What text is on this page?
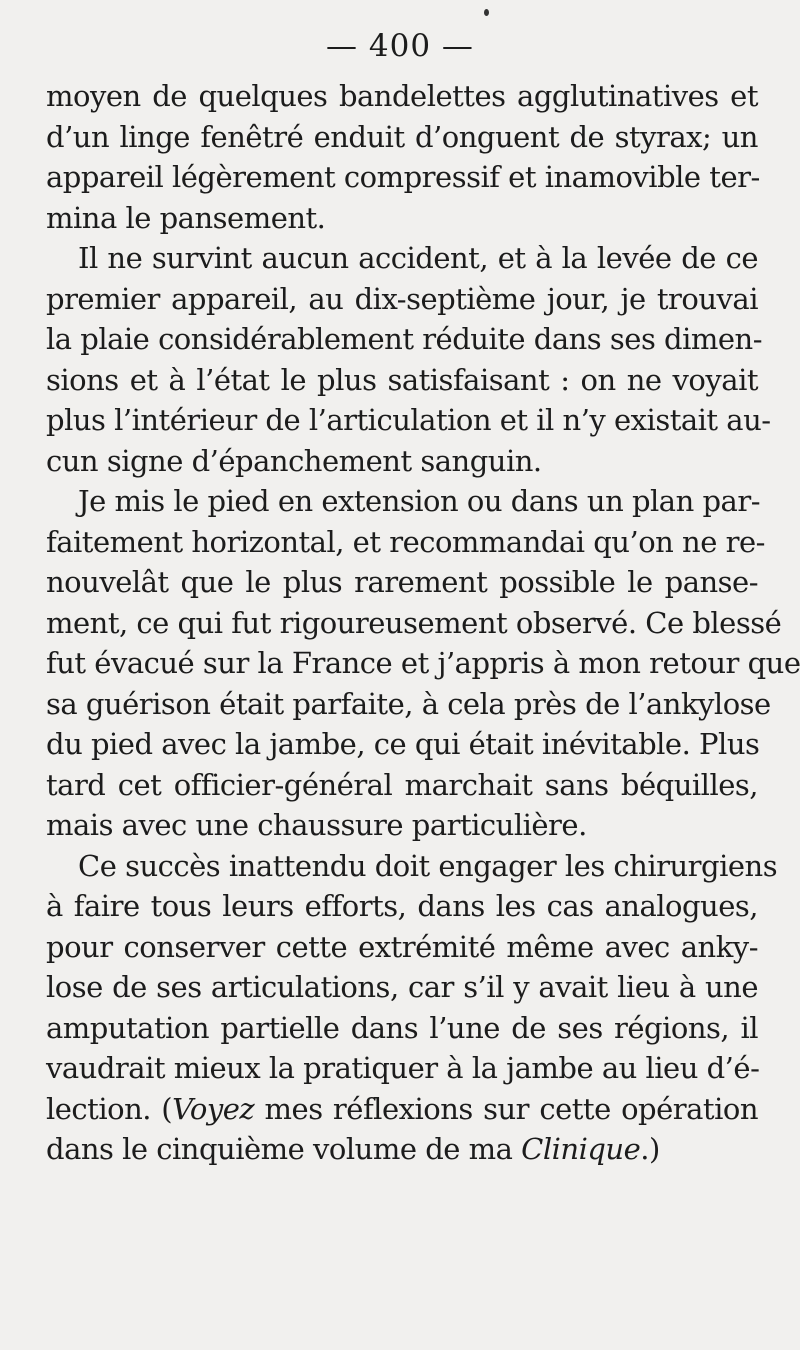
— 400 —
moyen de quelques bandelettes agglutinatives et
d’un linge fenêtré enduit d’onguent de styrax; un
appareil légèrement compressif et inamovible ter-
mina le pansement.
Il ne survint aucun accident, et à la levée de ce
premier appareil, au dix-septième jour, je trouvai
la plaie considérablement réduite dans ses dimen-
sions et à l’état le plus satisfaisant : on ne voyait
plus l’intérieur de l’articulation et il n’y existait au-
cun signe d’épanchement sanguin.
Je mis le pied en extension ou dans un plan par-
faitement horizontal, et recommandai qu’on ne re-
nouvelât que le plus rarement possible le panse-
ment, ce qui fut rigoureusement observé. Ce blessé
fut évacué sur la France et j’appris à mon retour que
sa guérison était parfaite, à cela près de l’ankylose
du pied avec la jambe, ce qui était inévitable. Plus
tard cet officier-général marchait sans béquilles,
mais avec une chaussure particulière.
Ce succès inattendu doit engager les chirurgiens
à faire tous leurs efforts, dans les cas analogues,
pour conserver cette extrémité même avec anky-
lose de ses articulations, car s’il y avait lieu à une
amputation partielle dans l’une de ses régions, il
vaudrait mieux la pratiquer à la jambe au lieu d’é-
lection. (Voyez mes réflexions sur cette opération
dans le cinquième volume de ma Clinique.)
